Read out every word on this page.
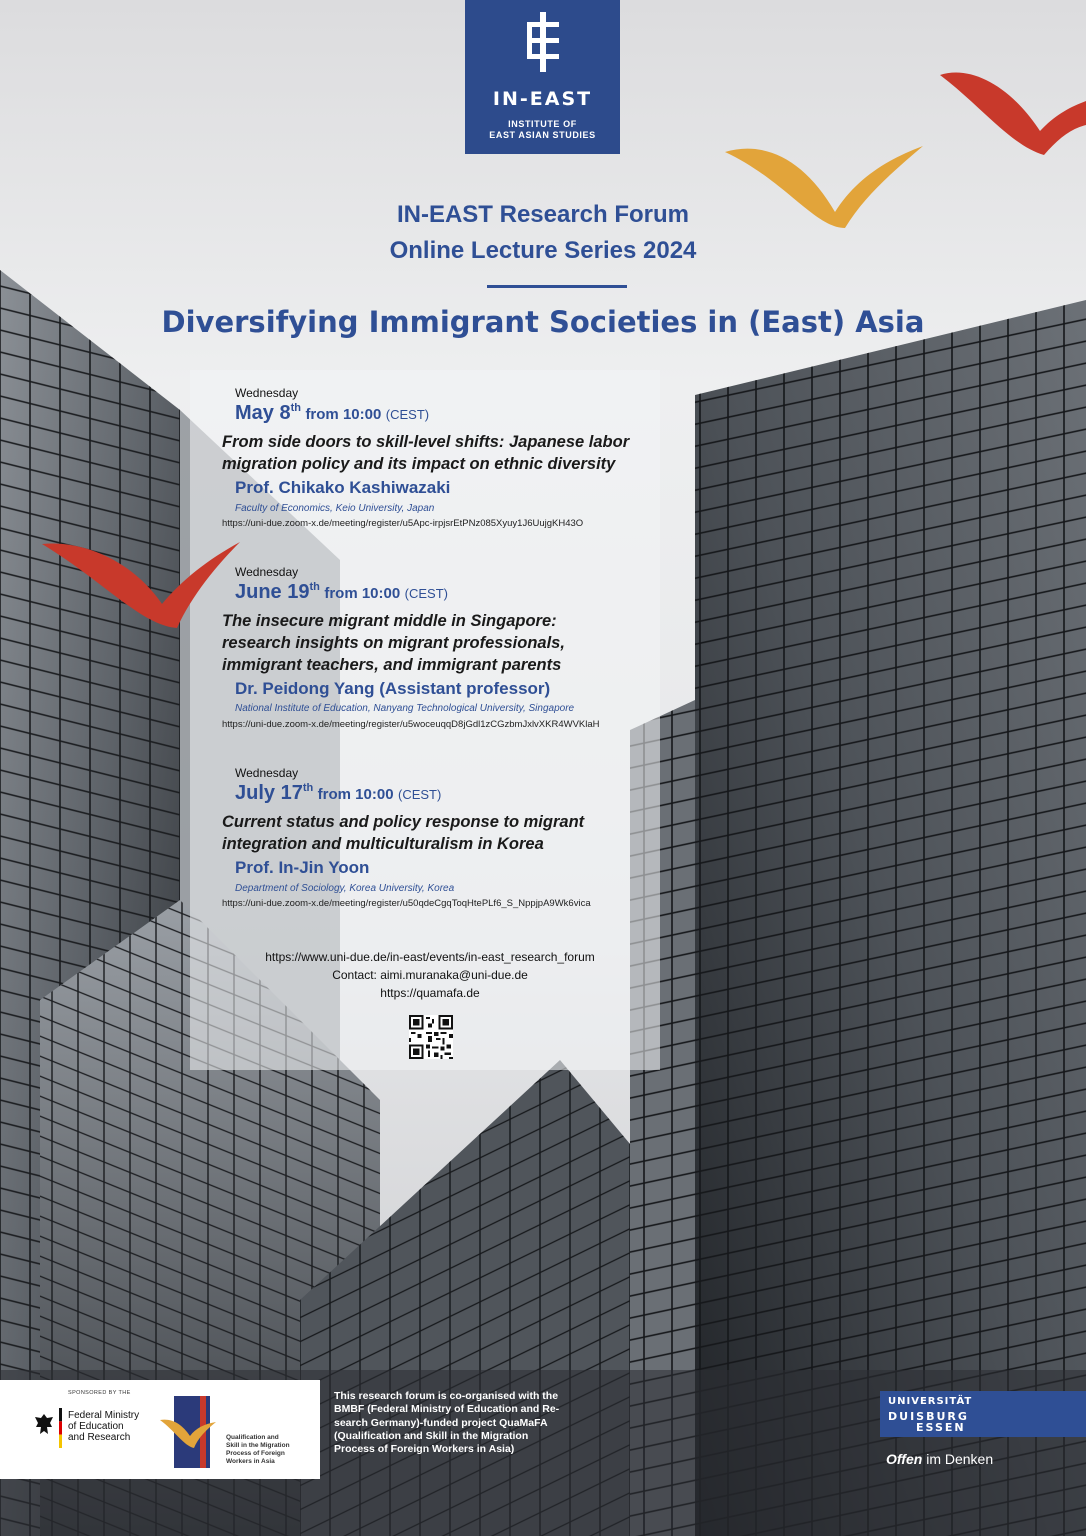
IN-EAST
INSTITUTE OF
EAST ASIAN STUDIES
IN-EAST Research Forum
Online Lecture Series 2024
Diversifying Immigrant Societies in (East) Asia
Wednesday
May 8th from 10:00 (CEST)
From side doors to skill-level shifts: Japanese labor
migration policy and its impact on ethnic diversity
Prof. Chikako Kashiwazaki
Faculty of Economics, Keio University, Japan
https://uni-due.zoom-x.de/meeting/register/u5Apc-irpjsrEtPNz085Xyuy1J6UujgKH43O
Wednesday
June 19th from 10:00 (CEST)
The insecure migrant middle in Singapore:
research insights on migrant professionals,
immigrant teachers, and immigrant parents
Dr. Peidong Yang (Assistant professor)
National Institute of Education, Nanyang Technological University, Singapore
https://uni-due.zoom-x.de/meeting/register/u5woceuqqD8jGdl1zCGzbmJxlvXKR4WVKlaH
Wednesday
July 17th from 10:00 (CEST)
Current status and policy response to migrant
integration and multiculturalism in Korea
Prof. In-Jin Yoon
Department of Sociology, Korea University, Korea
https://uni-due.zoom-x.de/meeting/register/u50qdeCgqToqHtePLf6_S_NppjpA9Wk6vica
https://www.uni-due.de/in-east/events/in-east_research_forum
Contact: aimi.muranaka@uni-due.de
https://quamafa.de
SPONSORED BY THE
Federal Ministry
of Education
and Research	Qualification and
Skill in the Migration
Process of Foreign
Workers in Asia
This research forum is co-organised with the
BMBF (Federal Ministry of Education and Re-
search Germany)-funded project QuaMaFA
(Qualification and Skill in the Migration
Process of Foreign Workers in Asia)
UNIVERSITÄT
DUISBURG
ESSEN
Offen im Denken
